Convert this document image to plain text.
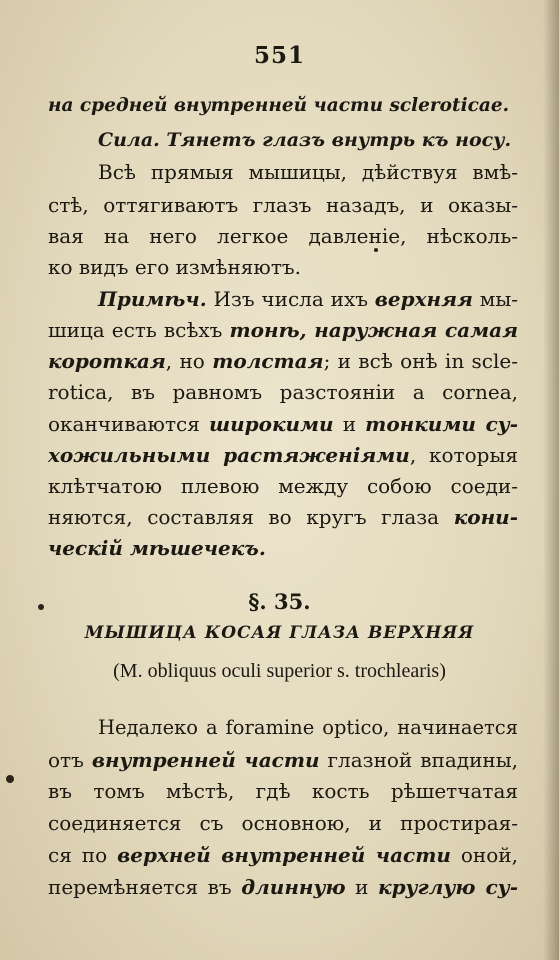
551
на средней внутренней части scleroticae.
Сила. Тянетъ глазъ внутрь къ носу.
Всѣ прямыя мышицы, дѣйствуя вмѣ-
стѣ, оттягиваютъ глазъ назадъ, и оказы-
вая на него легкое давленіе, нѣсколь-
ко видъ его измѣняютъ.
Примѣч. Изъ числа ихъ верхняя мы-
шица есть всѣхъ тонѣ, наружная самая
короткая, но толстая; и всѣ онѣ in scle-
rotica, въ равномъ разстояніи а cornea,
оканчиваются широкими и тонкими су-
хожильными растяженіями, которыя
клѣтчатою плевою между собою соеди-
няются, составляя во кругъ глаза кони-
ческій мѣшечекъ.
§. 35.
МЫШИЦА КОСАЯ ГЛАЗА ВЕРХНЯЯ
(M. obliquus oculi superior s. trochlearis)
Недалеко а foramine optico, начинается
отъ внутренней части глазной впадины,
въ томъ мѣстѣ, гдѣ кость рѣшетчатая
соединяется съ основною, и простирая-
ся по верхней внутренней части оной,
перемѣняется въ длинную и круглую су-
